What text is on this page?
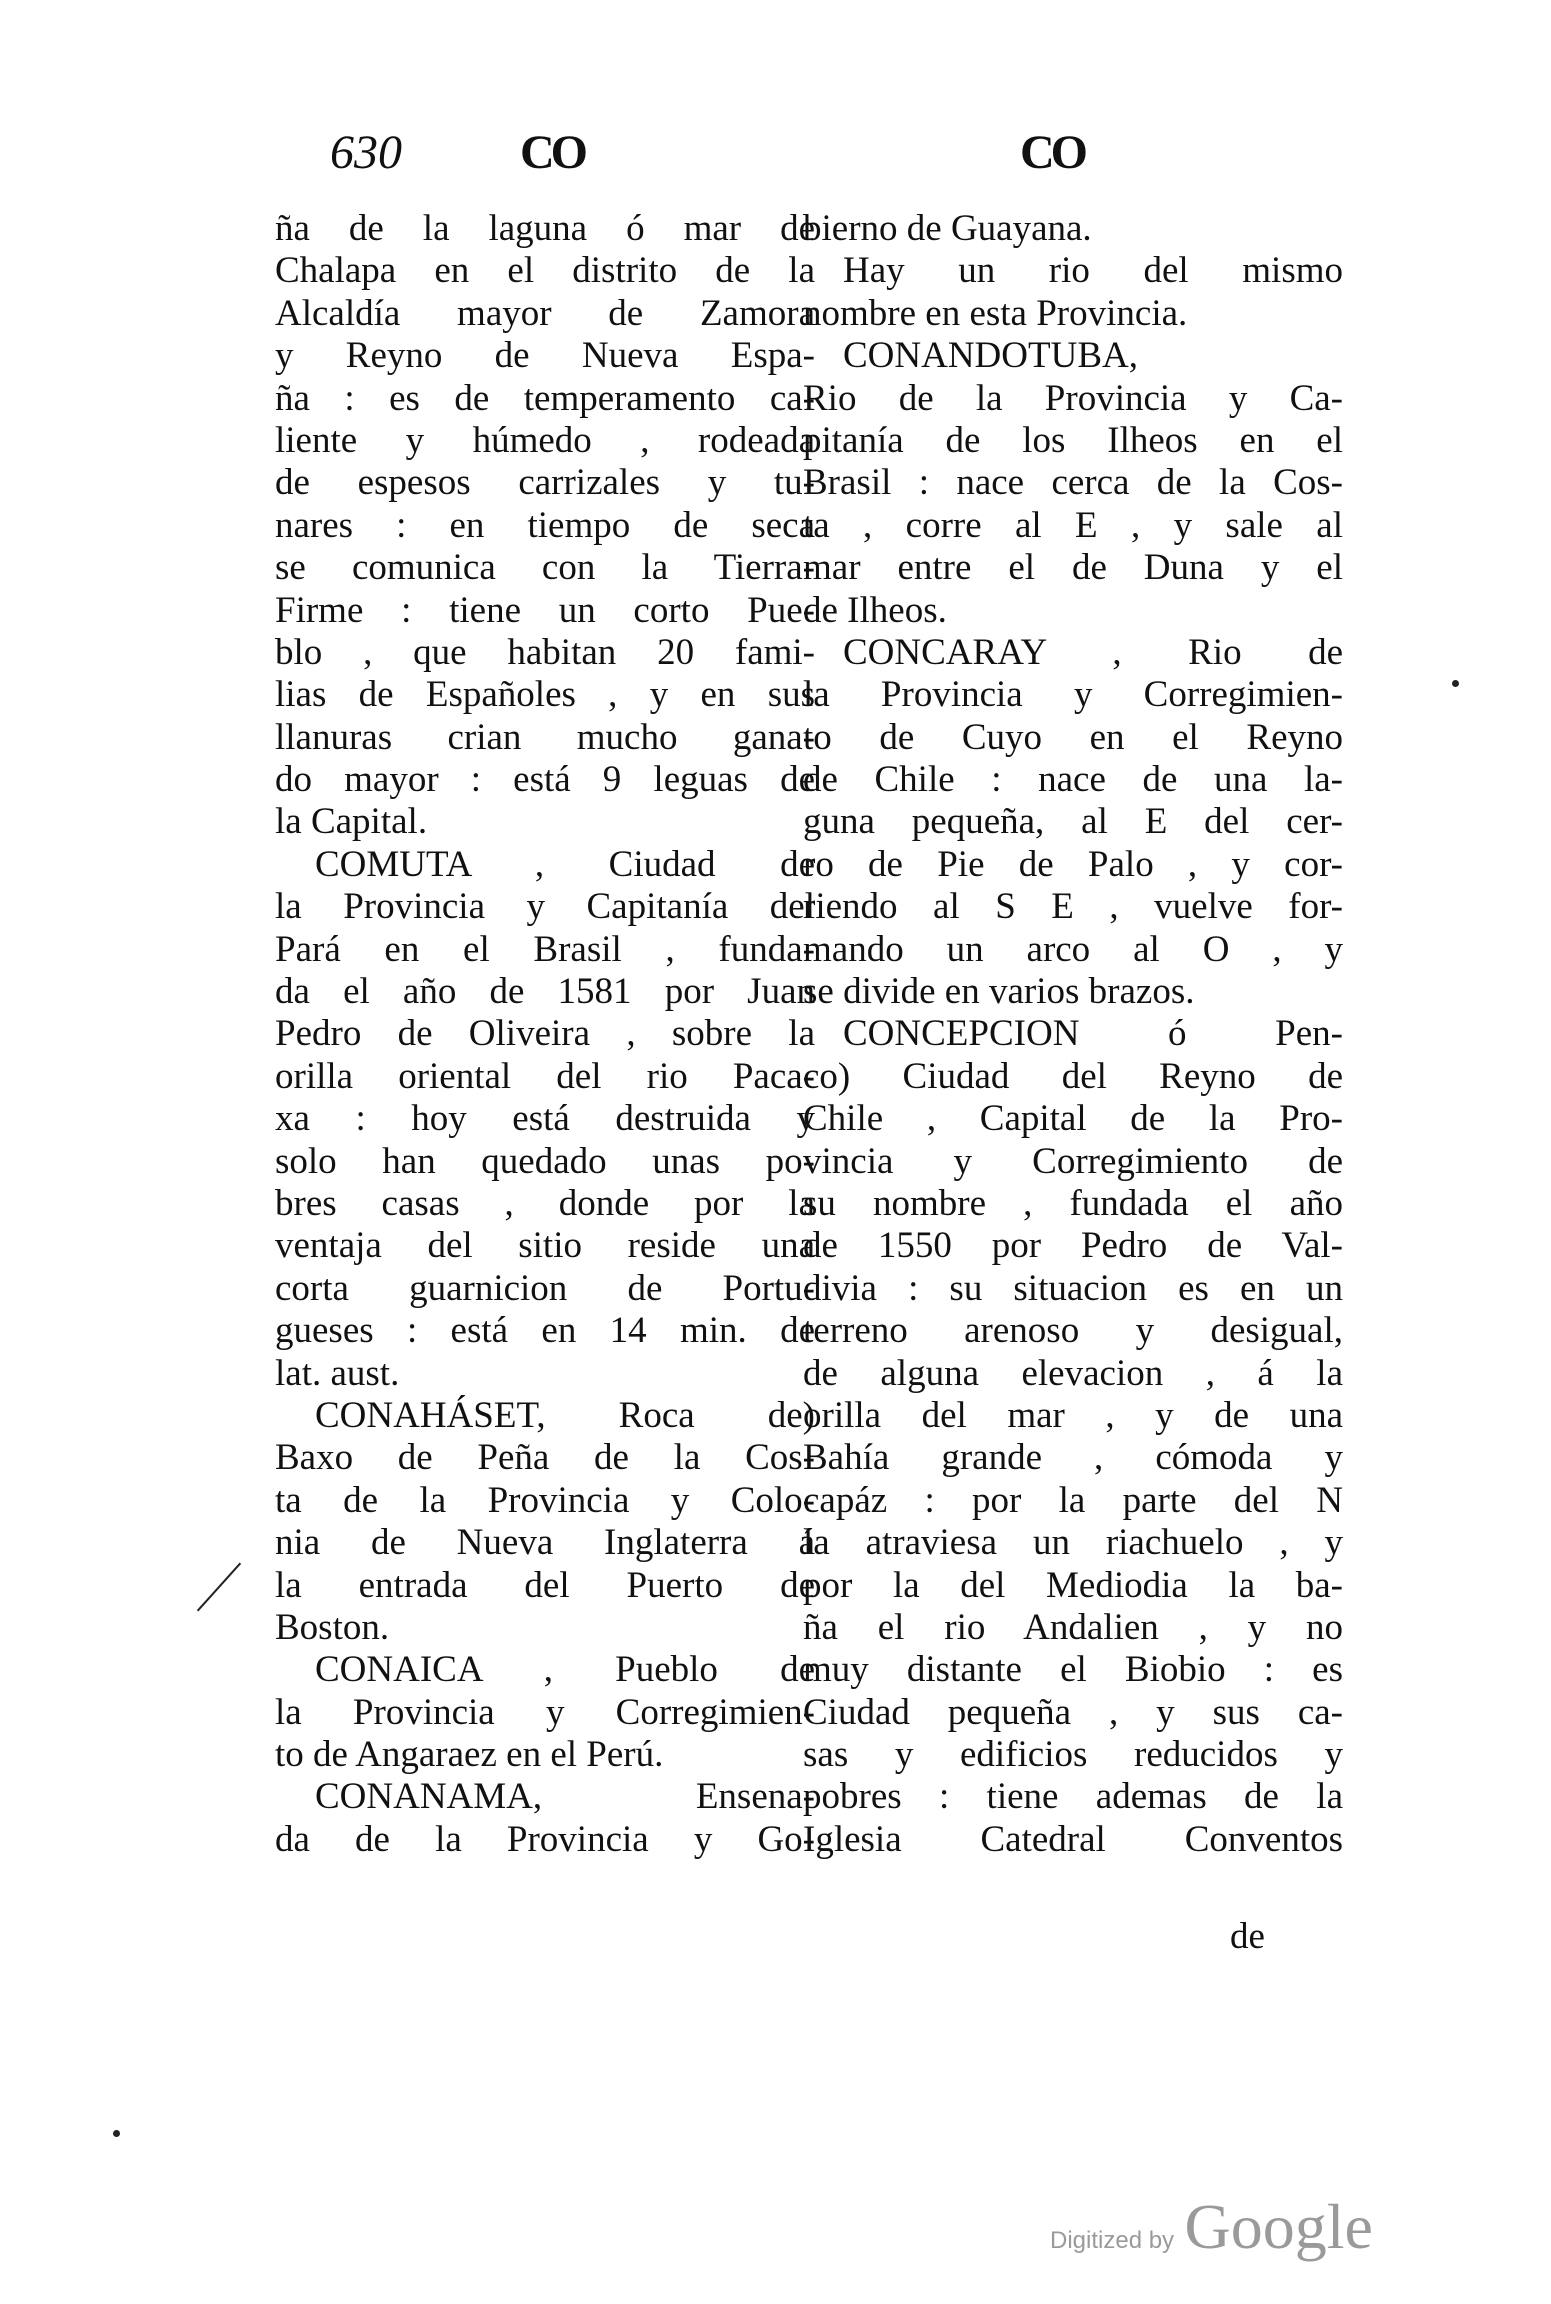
630 CO	CO
ña de la laguna ó mar de
Chalapa en el distrito de la
Alcaldía mayor de Zamora
y Reyno de Nueva Espa-
ña : es de temperamento ca-
liente y húmedo , rodeada
de espesos carrizales y tu-
nares : en tiempo de seca
se comunica con la Tierra-
Firme : tiene un corto Pue-
blo , que habitan 20 fami-
lias de Españoles , y en sus
llanuras crian mucho gana-
do mayor : está 9 leguas de
la Capital.
COMUTA , Ciudad de
la Provincia y Capitanía del
Pará en el Brasil , funda-
da el año de 1581 por Juan
Pedro de Oliveira , sobre la
orilla oriental del rio Paca-
xa : hoy está destruida y
solo han quedado unas po-
bres casas , donde por la
ventaja del sitio reside una
corta guarnicion de Portu-
gueses : está en 14 min. de
lat. aust.
CONAHÁSET, Roca de)
Baxo de Peña de la Cos-
ta de la Provincia y Colo-
nia de Nueva Inglaterra á
la entrada del Puerto de
Boston.
CONAICA , Pueblo de
la Provincia y Corregimien-
to de Angaraez en el Perú.
CONANAMA, Ensena-
da de la Provincia y Go-
bierno de Guayana.
Hay un rio del mismo
nombre en esta Provincia.
CONANDOTUBA,
Rio de la Provincia y Ca-
pitanía de los Ilheos en el
Brasil : nace cerca de la Cos-
ta , corre al E , y sale al
mar entre el de Duna y el
de Ilheos.
CONCARAY , Rio de
la Provincia y Corregimien-
to de Cuyo en el Reyno
de Chile : nace de una la-
guna pequeña, al E del cer-
ro de Pie de Palo , y cor-
riendo al S E , vuelve for-
mando un arco al O , y
se divide en varios brazos.
CONCEPCION ó Pen-
co) Ciudad del Reyno de
Chile , Capital de la Pro-
vincia y Corregimiento de
su nombre , fundada el año
de 1550 por Pedro de Val-
divia : su situacion es en un
terreno arenoso y desigual,
de alguna elevacion , á la
orilla del mar , y de una
Bahía grande , cómoda y
capáz : por la parte del N
la atraviesa un riachuelo , y
por la del Mediodia la ba-
ña el rio Andalien , y no
muy distante el Biobio : es
Ciudad pequeña , y sus ca-
sas y edificios reducidos y
pobres : tiene ademas de la
Iglesia Catedral Conventos
de
Digitized by Google
